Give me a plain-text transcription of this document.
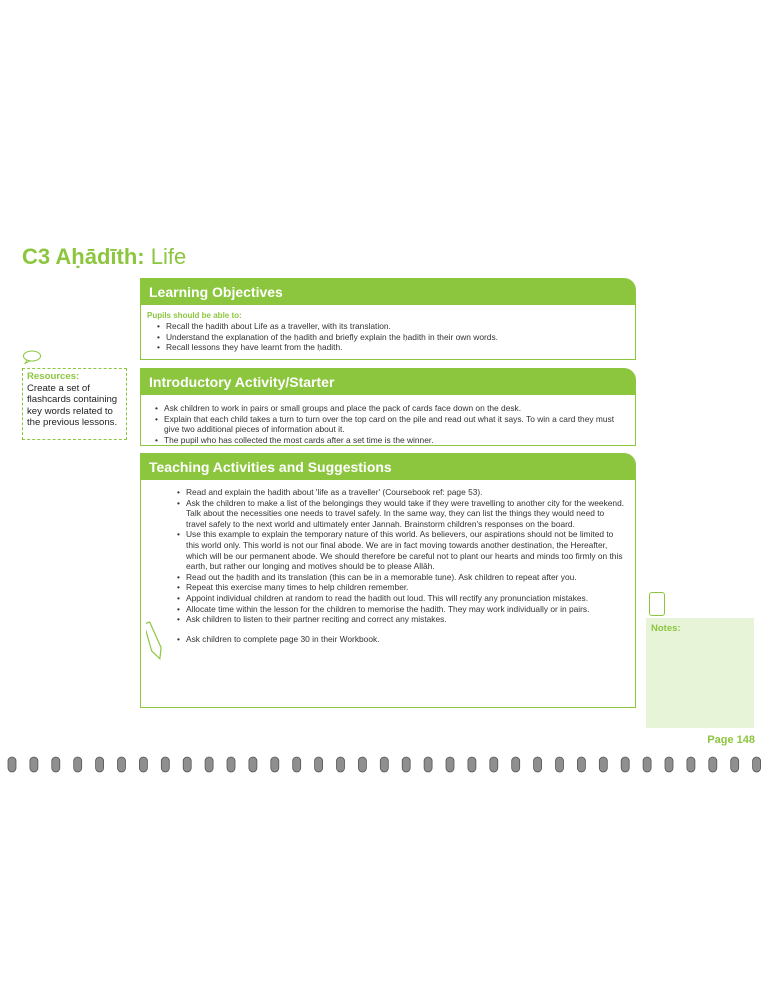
C3 Aḥādīth: Life
Resources:
Create a set of flashcards containing key words related to the previous lessons.
Learning Objectives
Pupils should be able to:
• Recall the ḥadith about Life as a traveller, with its translation.
• Understand the explanation of the ḥadith and briefly explain the ḥadith in their own words.
• Recall lessons they have learnt from the ḥadith.
Introductory Activity/Starter
• Ask children to work in pairs or small groups and place the pack of cards face down on the desk.
• Explain that each child takes a turn to turn over the top card on the pile and read out what it says. To win a card they must give two additional pieces of information about it.
• The pupil who has collected the most cards after a set time is the winner.
Teaching Activities and Suggestions
• Read and explain the ḥadith about 'life as a traveller' (Coursebook ref: page 53).
• Ask the children to make a list of the belongings they would take if they were travelling to another city for the weekend. Talk about the necessities one needs to travel safely. In the same way, they can list the things they would need to travel safely to the next world and ultimately enter Jannah. Brainstorm children's responses on the board.
• Use this example to explain the temporary nature of this world. As believers, our aspirations should not be limited to this world only. This world is not our final abode. We are in fact moving towards another destination, the Hereafter, which will be our permanent abode. We should therefore be careful not to plant our hearts and minds too firmly on this earth, but rather our longing and motives should be to please Allāh.
• Read out the ḥadith and its translation (this can be in a memorable tune). Ask children to repeat after you.
• Repeat this exercise many times to help children remember.
• Appoint individual children at random to read the ḥadith out loud. This will rectify any pronunciation mistakes.
• Allocate time within the lesson for the children to memorise the ḥadith. They may work individually or in pairs.
• Ask children to listen to their partner reciting and correct any mistakes.
• Ask children to complete page 30 in their Workbook.
Notes:
Page 148
